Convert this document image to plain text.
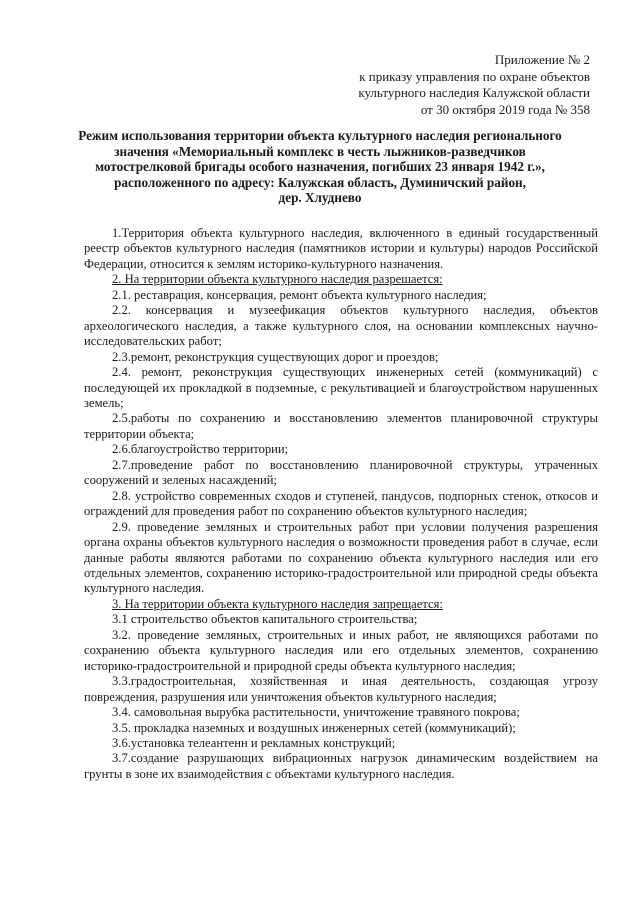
Приложение № 2
к приказу управления по охране объектов
культурного наследия Калужской области
от 30 октября 2019 года № 358
Режим использования территории объекта культурного наследия регионального
значения «Мемориальный комплекс в честь лыжников-разведчиков
мотострелковой бригады особого назначения, погибших 23 января 1942 г.»,
расположенного по адресу: Калужская область, Думиничский район,
дер. Хлуднево

1.Территория объекта культурного наследия, включенного в единый государственный реестр объектов культурного наследия (памятников истории и культуры) народов Российской Федерации, относится к землям историко-культурного назначения.

2. На территории объекта культурного наследия разрешается:

2.1. реставрация, консервация, ремонт объекта культурного наследия;

2.2. консервация и музеефикация объектов культурного наследия, объектов археологического наследия, а также культурного слоя, на основании комплексных научно-исследовательских работ;

2.3.ремонт, реконструкция существующих дорог и проездов;

2.4. ремонт, реконструкция существующих инженерных сетей (коммуникаций) с последующей их прокладкой в подземные, с рекультивацией и благоустройством нарушенных земель;

2.5.работы по сохранению и восстановлению элементов планировочной структуры территории объекта;

2.6.благоустройство территории;

2.7.проведение работ по восстановлению планировочной структуры, утраченных сооружений и зеленых насаждений;

2.8. устройство современных сходов и ступеней, пандусов, подпорных стенок, откосов и ограждений для проведения работ по сохранению объектов культурного наследия;

2.9. проведение земляных и строительных работ при условии получения разрешения органа охраны объектов культурного наследия о возможности проведения работ в случае, если данные работы являются работами по сохранению объекта культурного наследия или его отдельных элементов, сохранению историко-градостроительной или природной среды объекта культурного наследия.

3. На территории объекта культурного наследия запрещается:

3.1 строительство объектов капитального строительства;

3.2. проведение земляных, строительных и иных работ, не являющихся работами по сохранению объекта культурного наследия или его отдельных элементов, сохранению историко-градостроительной и природной среды объекта культурного наследия;

3.3.градостроительная, хозяйственная и иная деятельность, создающая угрозу повреждения, разрушения или уничтожения объектов культурного наследия;

3.4. самовольная вырубка растительности, уничтожение травяного покрова;

3.5. прокладка наземных и воздушных инженерных сетей (коммуникаций);

3.6.установка телеантенн и рекламных конструкций;

3.7.создание разрушающих вибрационных нагрузок динамическим воздействием на грунты в зоне их взаимодействия с объектами культурного наследия.
